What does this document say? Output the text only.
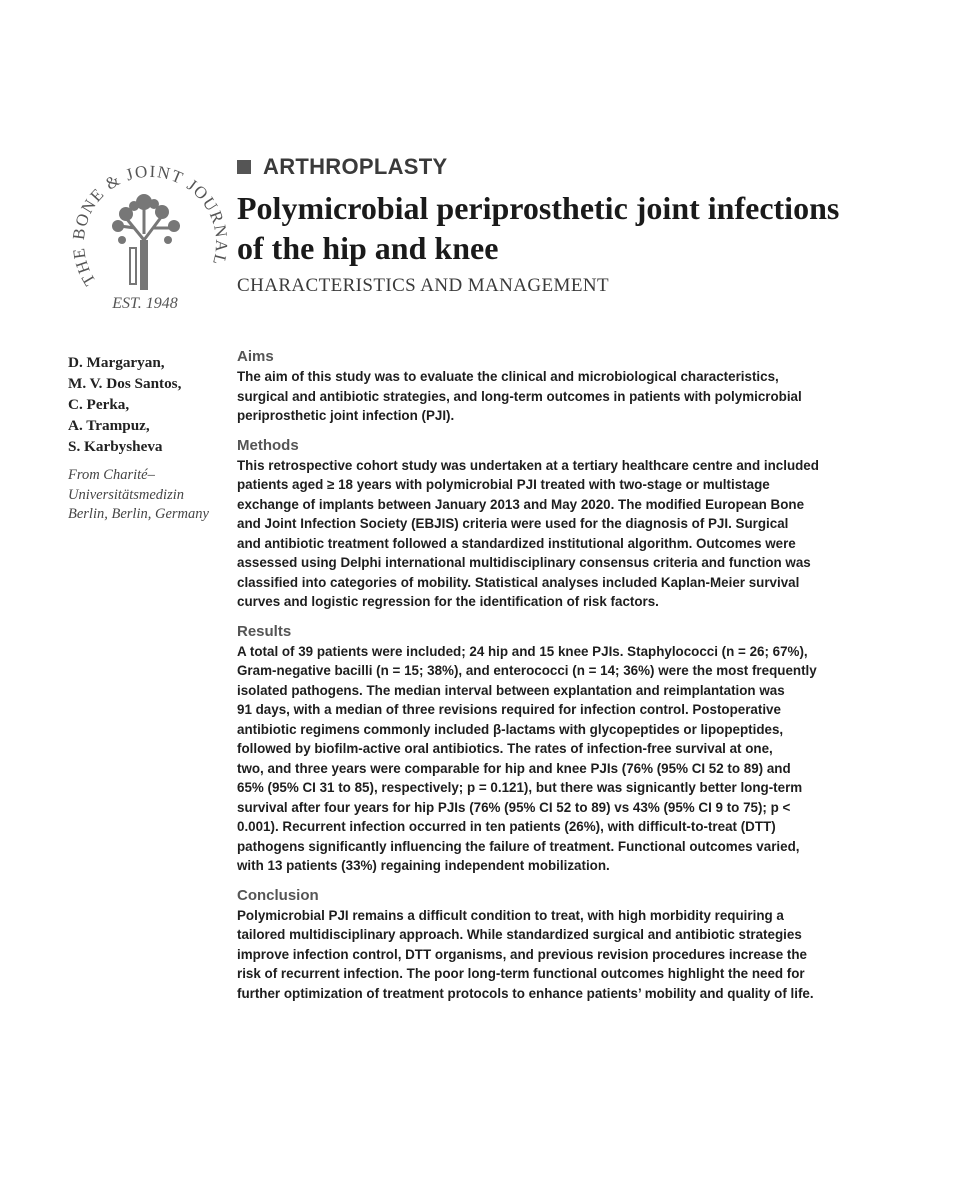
THE BONE & JOINT JOURNAL
EST. 1948
ARTHROPLASTY
Polymicrobial periprosthetic joint infections
of the hip and knee
CHARACTERISTICS AND MANAGEMENT
D. Margaryan,
M. V. Dos Santos,
C. Perka,
A. Trampuz,
S. Karbysheva
From Charité–
Universitätsmedizin
Berlin, Berlin, Germany
Aims
The aim of this study was to evaluate the clinical and microbiological characteristics,
surgical and antibiotic strategies, and long-term outcomes in patients with polymicrobial
periprosthetic joint infection (PJI).
Methods
This retrospective cohort study was undertaken at a tertiary healthcare centre and included
patients aged ≥ 18 years with polymicrobial PJI treated with two-stage or multistage
exchange of implants between January 2013 and May 2020. The modified European Bone
and Joint Infection Society (EBJIS) criteria were used for the diagnosis of PJI. Surgical
and antibiotic treatment followed a standardized institutional algorithm. Outcomes were
assessed using Delphi international multidisciplinary consensus criteria and function was
classified into categories of mobility. Statistical analyses included Kaplan-Meier survival
curves and logistic regression for the identification of risk factors.
Results
A total of 39 patients were included; 24 hip and 15 knee PJIs. Staphylococci (n = 26; 67%),
Gram-negative bacilli (n = 15; 38%), and enterococci (n = 14; 36%) were the most frequently
isolated pathogens. The median interval between explantation and reimplantation was
91 days, with a median of three revisions required for infection control. Postoperative
antibiotic regimens commonly included β-lactams with glycopeptides or lipopeptides,
followed by biofilm-active oral antibiotics. The rates of infection-free survival at one,
two, and three years were comparable for hip and knee PJIs (76% (95% CI 52 to 89) and
65% (95% CI 31 to 85), respectively; p = 0.121), but there was signicantly better long-term
survival after four years for hip PJIs (76% (95% CI 52 to 89) vs 43% (95% CI 9 to 75); p <
0.001). Recurrent infection occurred in ten patients (26%), with difficult-to-treat (DTT)
pathogens significantly influencing the failure of treatment. Functional outcomes varied,
with 13 patients (33%) regaining independent mobilization.
Conclusion
Polymicrobial PJI remains a difficult condition to treat, with high morbidity requiring a
tailored multidisciplinary approach. While standardized surgical and antibiotic strategies
improve infection control, DTT organisms, and previous revision procedures increase the
risk of recurrent infection. The poor long-term functional outcomes highlight the need for
further optimization of treatment protocols to enhance patients’ mobility and quality of life.
